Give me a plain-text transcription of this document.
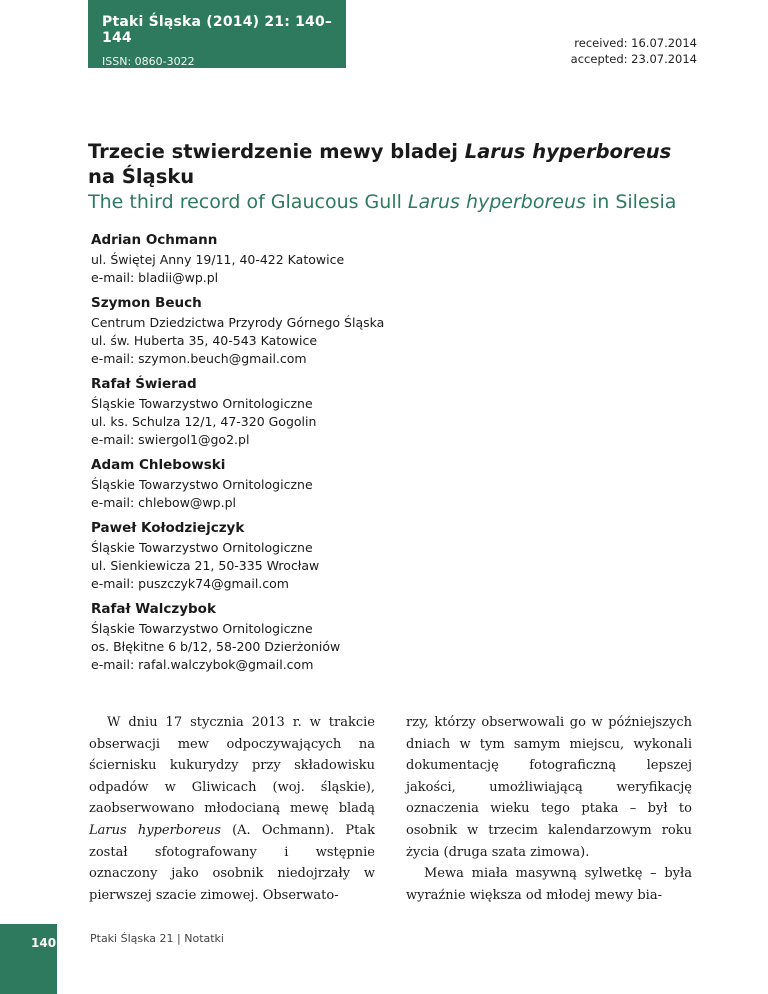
Ptaki Śląska (2014) 21: 140–144
ISSN: 0860-3022
received: 16.07.2014
accepted: 23.07.2014
Trzecie stwierdzenie mewy bladej Larus hyperboreus na Śląsku
The third record of Glaucous Gull Larus hyperboreus in Silesia
Adrian Ochmann
ul. Świętej Anny 19/11, 40-422 Katowice
e-mail: bladii@wp.pl
Szymon Beuch
Centrum Dziedzictwa Przyrody Górnego Śląska
ul. św. Huberta 35, 40-543 Katowice
e-mail: szymon.beuch@gmail.com
Rafał Świerad
Śląskie Towarzystwo Ornitologiczne
ul. ks. Schulza 12/1, 47-320 Gogolin
e-mail: swiergol1@go2.pl
Adam Chlebowski
Śląskie Towarzystwo Ornitologiczne
e-mail: chlebow@wp.pl
Paweł Kołodziejczyk
Śląskie Towarzystwo Ornitologiczne
ul. Sienkiewicza 21, 50-335 Wrocław
e-mail: puszczyk74@gmail.com
Rafał Walczybok
Śląskie Towarzystwo Ornitologiczne
os. Błękitne 6 b/12, 58-200 Dzierżoniów
e-mail: rafal.walczybok@gmail.com

W dniu 17 stycznia 2013 r. w trakcie obserwacji mew odpoczywających na ściernisku kukurydzy przy składowisku odpadów w Gliwicach (woj. śląskie), zaobserwowano młodocianą mewę bladą Larus hyperboreus (A. Ochmann). Ptak został sfotografowany i wstępnie oznaczony jako osobnik niedojrzały w pierwszej szacie zimowej. Obserwato-

rzy, którzy obserwowali go w późniejszych dniach w tym samym miejscu, wykonali dokumentację fotograficzną lepszej jakości, umożliwiającą weryfikację oznaczenia wieku tego ptaka – był to osobnik w trzecim kalendarzowym roku życia (druga szata zimowa).

Mewa miała masywną sylwetkę – była wyraźnie większa od młodej mewy bia-

140	Ptaki Śląska 21 | Notatki
